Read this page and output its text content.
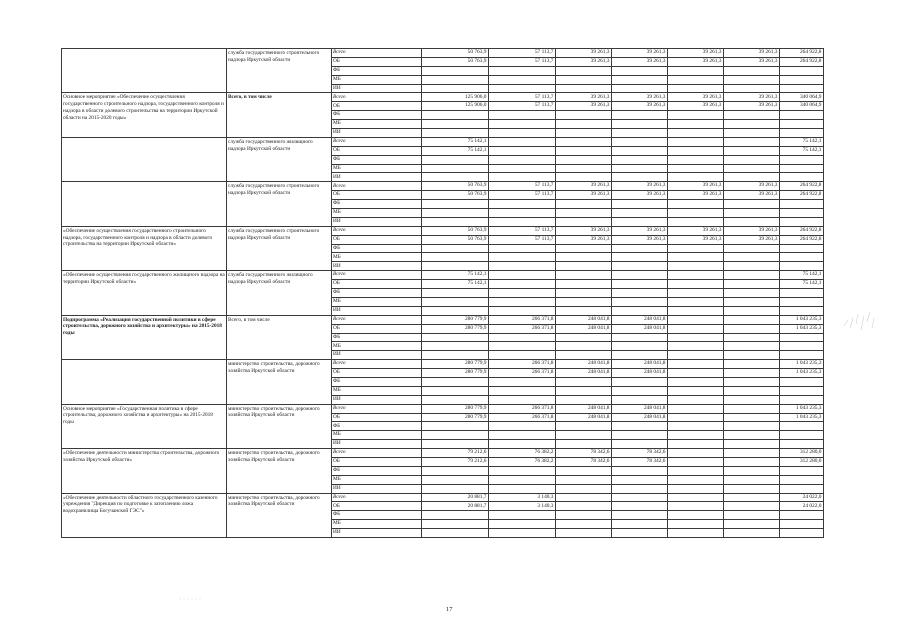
	служба государственного строительного надзора Иркутской области	Всего	50 763,9	57 113,7	39 261,3	39 261,3	39 261,3	39 261,3	264 922,8
		ОБ	50 763,9	57 113,7	39 261,3	39 261,3	39 261,3	39 261,3	264 922,8
		ФБ							
		МБ							
		ИИ							
Основное мероприятие «Обеспечение осуществления государственного строительного надзора, государственного контроля и надзора в области долевого строительства на территории Иркутской области на 2015-2020 годы»	Всего, в том числе	Всего	125 906,0	57 113,7	39 261,3	39 261,3	39 261,3	39 261,3	340 064,9
		ОБ	125 906,0	57 113,7	39 261,3	39 261,3	39 261,3	39 261,3	340 064,9
		ФБ							
		МБ							
		ИИ							
	служба государственного жилищного надзора Иркутской области	Всего	75 142,1						75 142,1
		ОБ	75 142,1						75 142,1
		ФБ							
		МБ							
		ИИ							
	служба государственного строительного надзора Иркутской области	Всего	50 763,9	57 113,7	39 261,3	39 261,3	39 261,3	39 261,3	264 922,8
		ОБ	50 763,9	57 113,7	39 261,3	39 261,3	39 261,3	39 261,3	264 922,8
		ФБ							
		МБ							
		ИИ							
«Обеспечение осуществления государственного строительного надзора, государственного контроля и надзора в области долевого строительства на территории Иркутской области»	служба государственного строительного надзора Иркутской области	Всего	50 763,9	57 113,7	39 261,3	39 261,3	39 261,3	39 261,3	264 922,8
		ОБ	50 763,9	57 113,7	39 261,3	39 261,3	39 261,3	39 261,3	264 922,8
		ФБ							
		МБ							
		ИИ							
«Обеспечение осуществления государственного жилищного надзора на территории Иркутской области»	служба государственного жилищного надзора Иркутской области	Всего	75 142,1						75 142,1
		ОБ	75 142,1						75 142,1
		ФБ							
		МБ							
		ИИ							
Подпрограмма «Реализация государственной политики в сфере строительства, дорожного хозяйства и архитектуры» на 2015-2018 годы	Всего, в том числе	Всего	280 779,9	266 371,8	248 041,8	248 041,8			1 043 235,3
		ОБ	280 779,9	266 371,8	248 041,8	248 041,8			1 043 235,3
		ФБ							
		МБ							
		ИИ							
	министерство строительства, дорожного хозяйства Иркутской области	Всего	280 779,9	266 371,8	248 041,8	248 041,8			1 043 235,3
		ОБ	280 779,9	266 371,8	248 041,8	248 041,8			1 043 235,3
		ФБ							
		МБ							
		ИИ							
Основное мероприятие «Государственная политика в сфере строительства, дорожного хозяйства и архитектуры» на 2015-2018 годы	министерство строительства, дорожного хозяйства Иркутской области	Всего	280 779,9	266 371,8	248 041,8	248 041,8			1 043 235,3
		ОБ	280 779,9	266 371,8	248 041,8	248 041,8			1 043 235,3
		ФБ							
		МБ							
		ИИ							
«Обеспечение деятельности министерства строительства, дорожного хозяйства Иркутской области»	министерство строительства, дорожного хозяйства Иркутской области	Всего	79 212,6	76 382,2	78 342,6	78 342,6			312 280,0
		ОБ	79 212,6	76 382,2	78 342,6	78 342,6			312 280,0
		ФБ							
		МБ							
		ИИ							
«Обеспечение деятельности областного государственного казенного учреждения "Дирекция по подготовке к затоплению ложа водохранилища Богучанской ГЭС"»	министерство строительства, дорожного хозяйства Иркутской области	Всего	20 881,7	3 140,3					24 022,0
		ОБ	20 881,7	3 140,3					24 022,0
		ФБ							
		МБ							
		ИИ							
17
